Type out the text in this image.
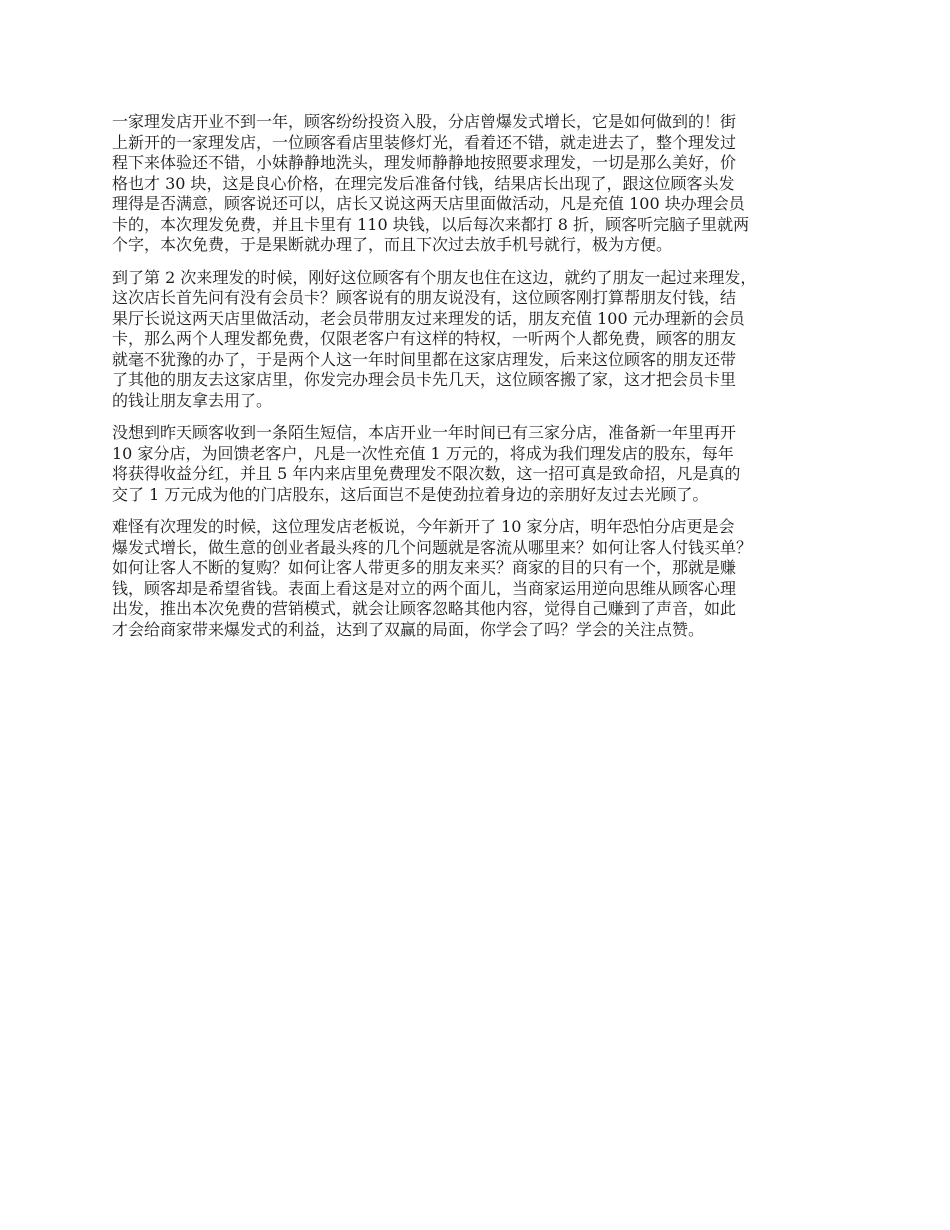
一家理发店开业不到一年，顾客纷纷投资入股，分店曾爆发式增长，它是如何做到的！街
上新开的一家理发店，一位顾客看店里装修灯光，看着还不错，就走进去了，整个理发过
程下来体验还不错，小妹静静地洗头，理发师静静地按照要求理发，一切是那么美好，价
格也才 30 块，这是良心价格，在理完发后准备付钱，结果店长出现了，跟这位顾客头发
理得是否满意，顾客说还可以，店长又说这两天店里面做活动，凡是充值 100 块办理会员
卡的，本次理发免费，并且卡里有 110 块钱，以后每次来都打 8 折，顾客听完脑子里就两
个字，本次免费，于是果断就办理了，而且下次过去放手机号就行，极为方便。

到了第 2 次来理发的时候，刚好这位顾客有个朋友也住在这边，就约了朋友一起过来理发，
这次店长首先问有没有会员卡？顾客说有的朋友说没有，这位顾客刚打算帮朋友付钱，结
果厅长说这两天店里做活动，老会员带朋友过来理发的话，朋友充值 100 元办理新的会员
卡，那么两个人理发都免费，仅限老客户有这样的特权，一听两个人都免费，顾客的朋友
就毫不犹豫的办了，于是两个人这一年时间里都在这家店理发，后来这位顾客的朋友还带
了其他的朋友去这家店里，你发完办理会员卡先几天，这位顾客搬了家，这才把会员卡里
的钱让朋友拿去用了。

没想到昨天顾客收到一条陌生短信，本店开业一年时间已有三家分店，准备新一年里再开
10 家分店，为回馈老客户，凡是一次性充值 1 万元的，将成为我们理发店的股东，每年
将获得收益分红，并且 5 年内来店里免费理发不限次数，这一招可真是致命招，凡是真的
交了 1 万元成为他的门店股东，这后面岂不是使劲拉着身边的亲朋好友过去光顾了。

难怪有次理发的时候，这位理发店老板说，今年新开了 10 家分店，明年恐怕分店更是会
爆发式增长，做生意的创业者最头疼的几个问题就是客流从哪里来？如何让客人付钱买单？
如何让客人不断的复购？如何让客人带更多的朋友来买？商家的目的只有一个，那就是赚
钱，顾客却是希望省钱。表面上看这是对立的两个面儿，当商家运用逆向思维从顾客心理
出发，推出本次免费的营销模式，就会让顾客忽略其他内容，觉得自己赚到了声音，如此
才会给商家带来爆发式的利益，达到了双赢的局面，你学会了吗？学会的关注点赞。
